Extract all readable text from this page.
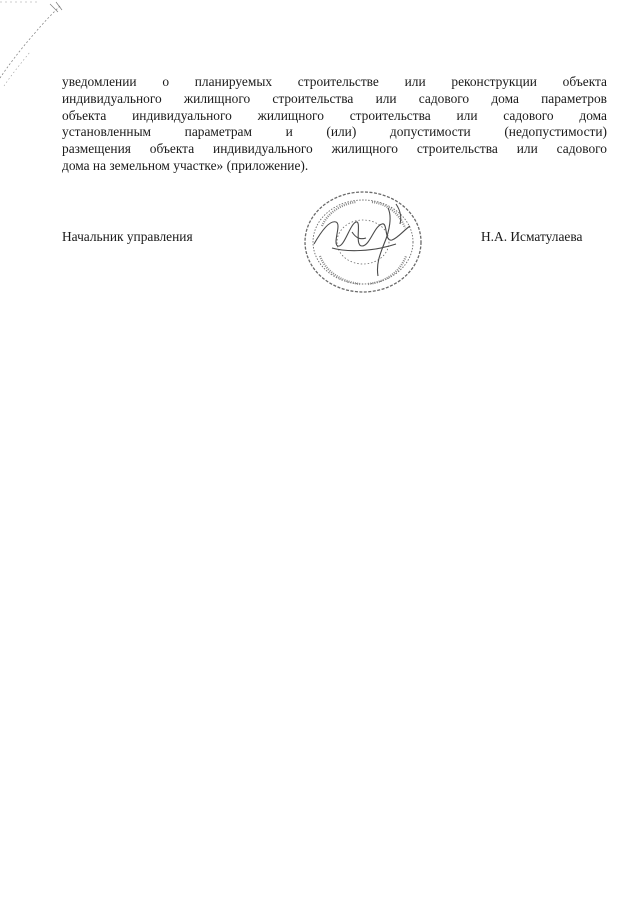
уведомлении о планируемых строительстве или реконструкции объекта
индивидуального жилищного строительства или садового дома параметров
объекта индивидуального жилищного строительства или садового дома
установленным параметрам и (или) допустимости (недопустимости)
размещения объекта индивидуального жилищного строительства или садового
дома на земельном участке» (приложение).

Начальник управления	Н.А. Исматулаева
